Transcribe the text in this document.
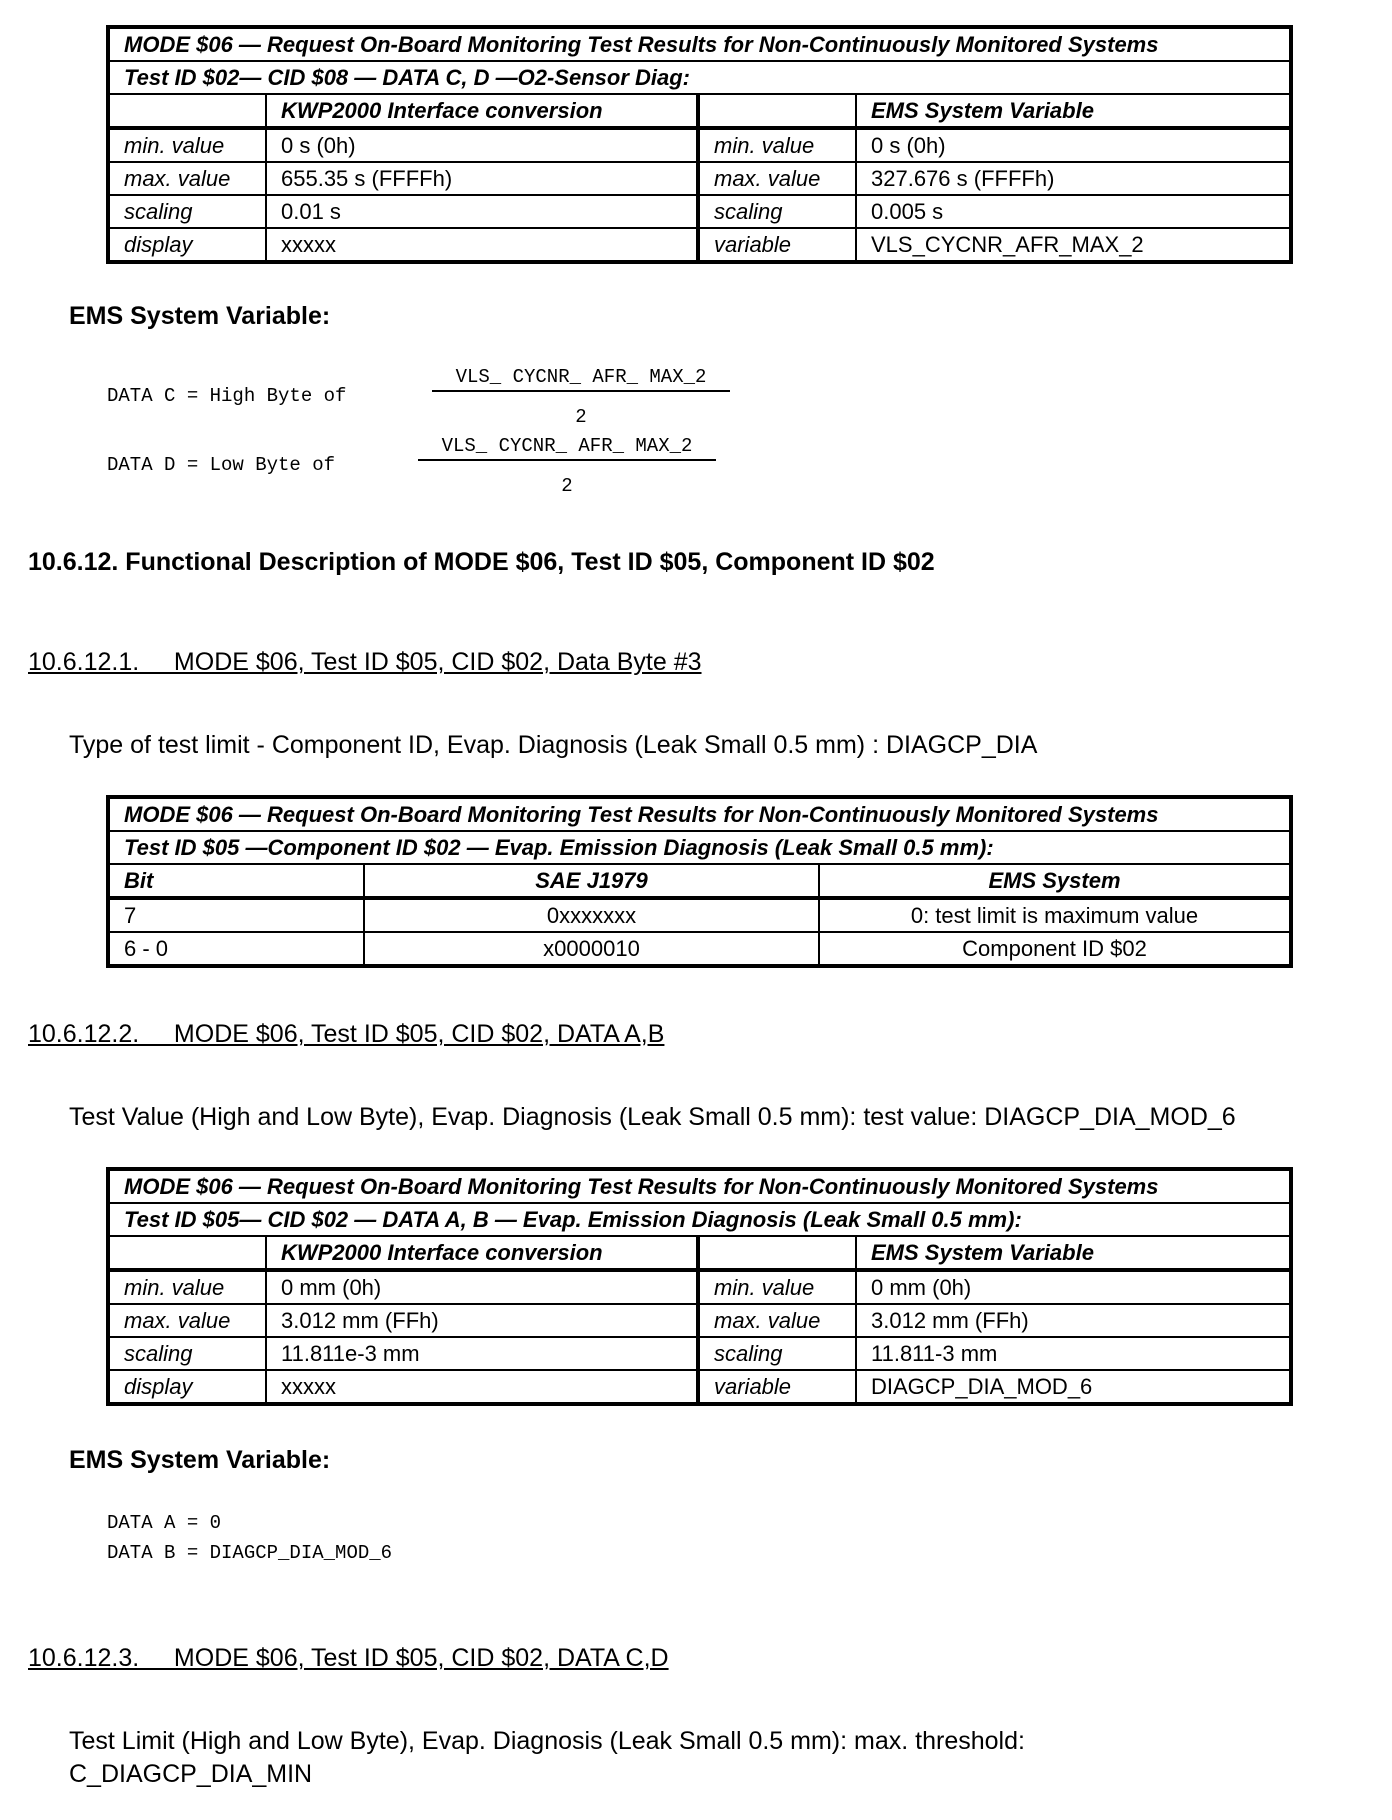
MODE $06 — Request On-Board Monitoring Test Results for Non-Continuously Monitored Systems			
Test ID $02— CID $08 — DATA C, D —O2-Sensor Diag:			
	KWP2000 Interface conversion		EMS System Variable
min. value	0 s (0h)	min. value	0 s (0h)
max. value	655.35 s (FFFFh)	max. value	327.676 s (FFFFh)
scaling	0.01 s	scaling	0.005 s
display	xxxxx	variable	VLS_CYCNR_AFR_MAX_2
EMS System Variable:
DATA C = High Byte of
VLS_ CYCNR_ AFR_ MAX_2
2
DATA D = Low Byte of
VLS_ CYCNR_ AFR_ MAX_2
2
10.6.12. Functional Description of MODE $06, Test ID $05, Component ID $02
10.6.12.1.     MODE $06, Test ID $05, CID $02, Data Byte #3
Type of test limit - Component ID, Evap. Diagnosis (Leak Small 0.5 mm) : DIAGCP_DIA
MODE $06 — Request On-Board Monitoring Test Results for Non-Continuously Monitored Systems		
Test ID $05 —Component ID $02 — Evap. Emission Diagnosis (Leak Small 0.5 mm):		
Bit	SAE J1979	EMS System
7	0xxxxxxx	0: test limit is maximum value
6 - 0	x0000010	Component ID $02
10.6.12.2.     MODE $06, Test ID $05, CID $02, DATA A,B
Test Value (High and Low Byte), Evap. Diagnosis (Leak Small 0.5 mm): test value: DIAGCP_DIA_MOD_6
MODE $06 — Request On-Board Monitoring Test Results for Non-Continuously Monitored Systems			
Test ID $05— CID $02 — DATA A, B — Evap. Emission Diagnosis (Leak Small 0.5 mm):			
	KWP2000 Interface conversion		EMS System Variable
min. value	0 mm (0h)	min. value	0 mm (0h)
max. value	3.012 mm (FFh)	max. value	3.012 mm (FFh)
scaling	11.811e-3 mm	scaling	11.811-3 mm
display	xxxxx	variable	DIAGCP_DIA_MOD_6
EMS System Variable:
DATA A = 0
DATA B = DIAGCP_DIA_MOD_6
10.6.12.3.     MODE $06, Test ID $05, CID $02, DATA C,D
Test Limit (High and Low Byte), Evap. Diagnosis (Leak Small 0.5 mm): max. threshold:
C_DIAGCP_DIA_MIN
